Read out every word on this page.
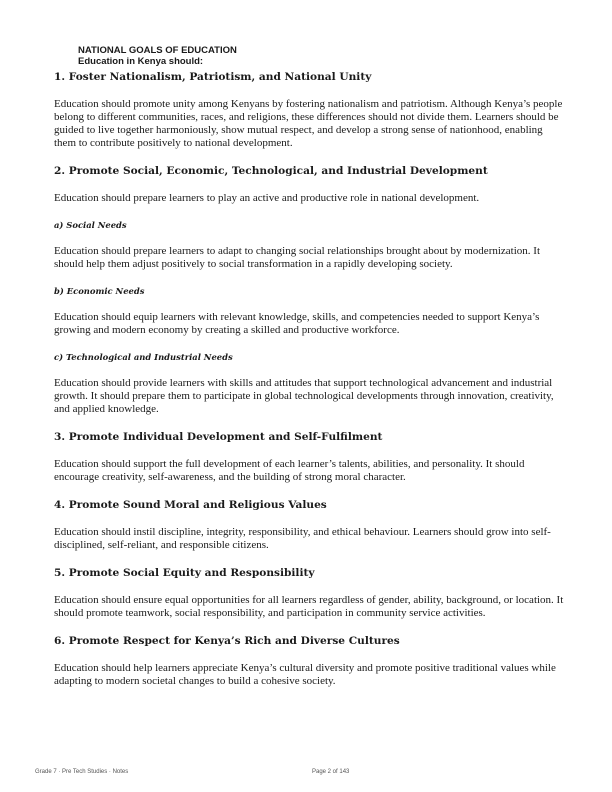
NATIONAL GOALS OF EDUCATION
Education in Kenya should:
1. Foster Nationalism, Patriotism, and National Unity

Education should promote unity among Kenyans by fostering nationalism and patriotism. Although Kenya’s people belong to different communities, races, and religions, these differences should not divide them. Learners should be guided to live together harmoniously, show mutual respect, and develop a strong sense of nationhood, enabling them to contribute positively to national development.

2. Promote Social, Economic, Technological, and Industrial Development

Education should prepare learners to play an active and productive role in national development.

a) Social Needs

Education should prepare learners to adapt to changing social relationships brought about by modernization. It should help them adjust positively to social transformation in a rapidly developing society.

b) Economic Needs

Education should equip learners with relevant knowledge, skills, and competencies needed to support Kenya’s growing and modern economy by creating a skilled and productive workforce.

c) Technological and Industrial Needs

Education should provide learners with skills and attitudes that support technological advancement and industrial growth. It should prepare them to participate in global technological developments through innovation, creativity, and applied knowledge.

3. Promote Individual Development and Self-Fulfilment

Education should support the full development of each learner’s talents, abilities, and personality. It should encourage creativity, self-awareness, and the building of strong moral character.

4. Promote Sound Moral and Religious Values

Education should instil discipline, integrity, responsibility, and ethical behaviour. Learners should grow into self-disciplined, self-reliant, and responsible citizens.

5. Promote Social Equity and Responsibility

Education should ensure equal opportunities for all learners regardless of gender, ability, background, or location. It should promote teamwork, social responsibility, and participation in community service activities.

6. Promote Respect for Kenya’s Rich and Diverse Cultures

Education should help learners appreciate Kenya’s cultural diversity and promote positive traditional values while adapting to modern societal changes to build a cohesive society.

Grade 7 · Pre Tech Studies · Notes	Page 2 of 143
